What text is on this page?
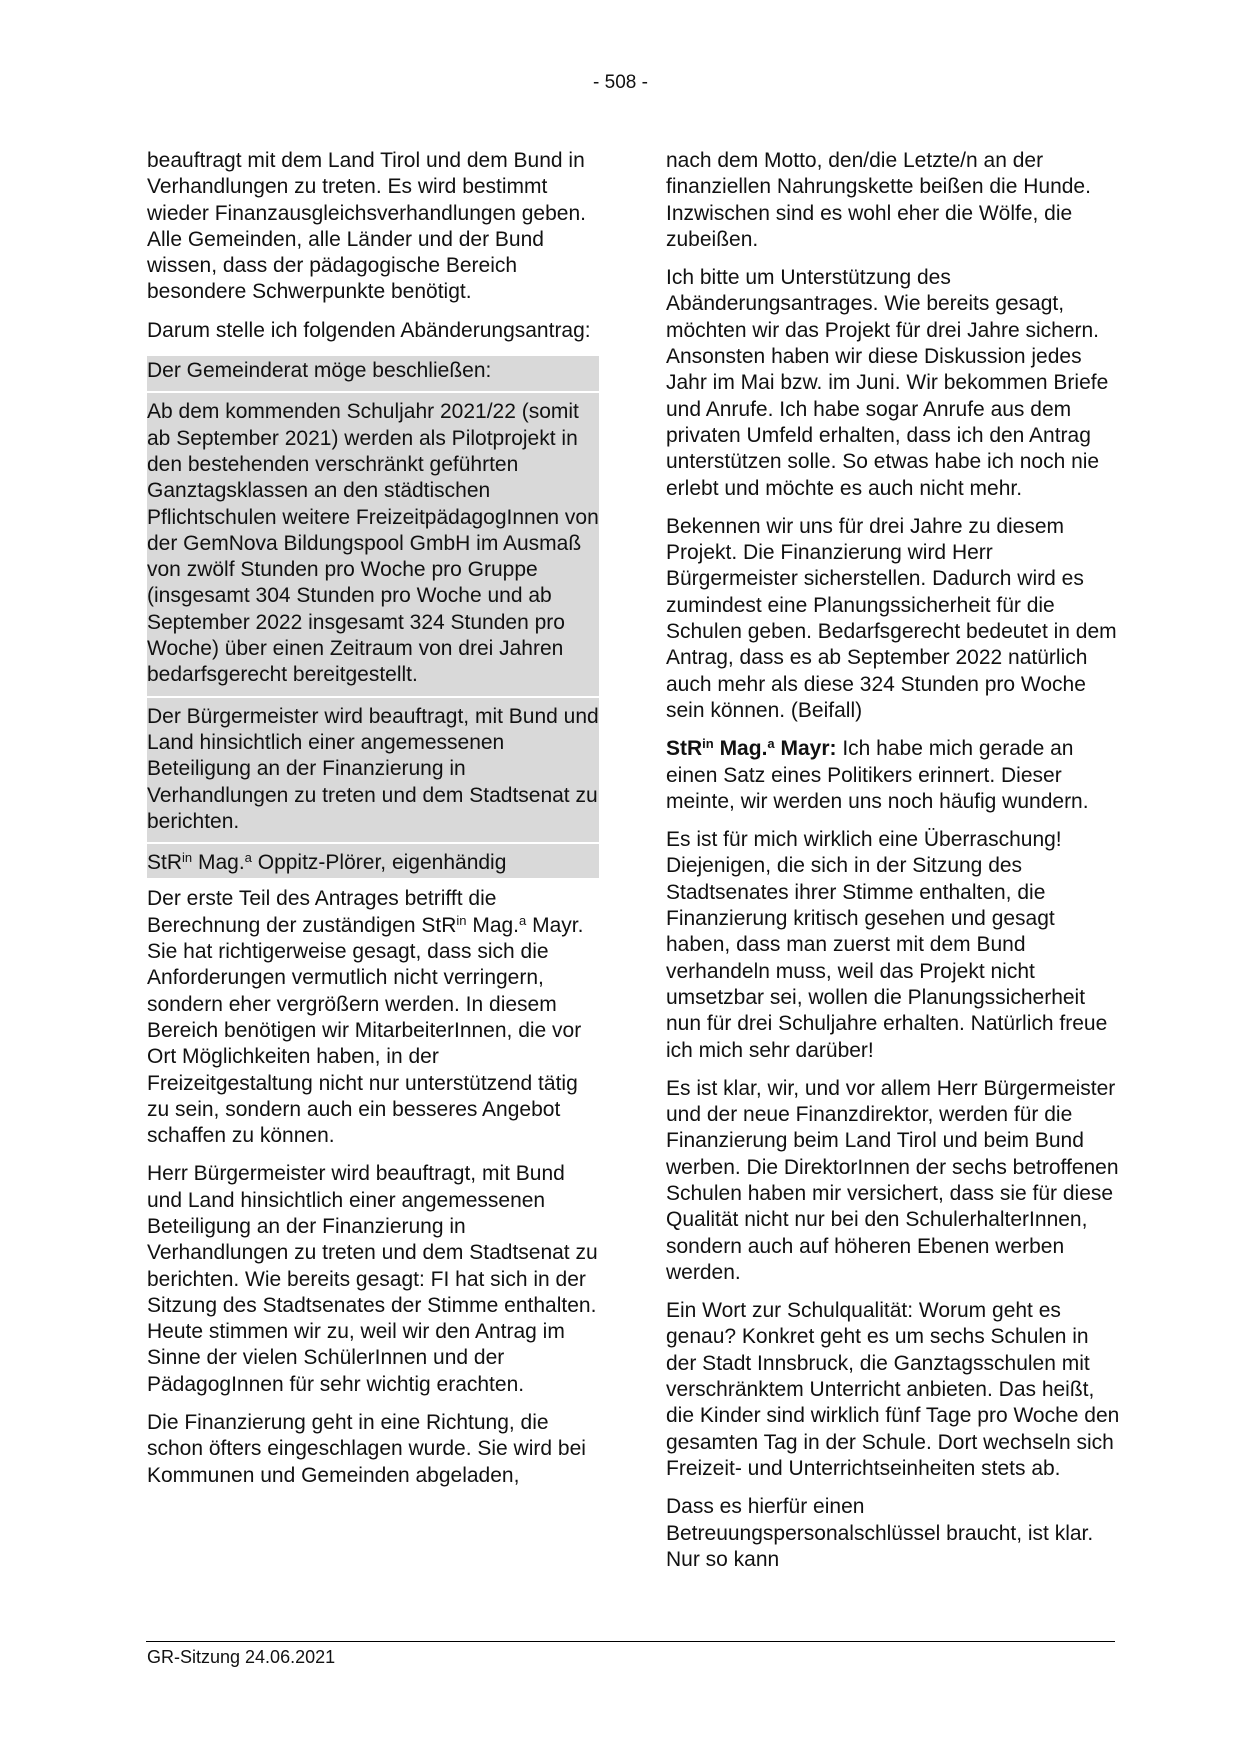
- 508 -

beauftragt mit dem Land Tirol und dem Bund in Verhandlungen zu treten. Es wird bestimmt wieder Finanzausgleichsverhandlungen geben. Alle Gemeinden, alle Länder und der Bund wissen, dass der pädagogische Bereich besondere Schwerpunkte benötigt.

Darum stelle ich folgenden Abänderungsantrag:

Der Gemeinderat möge beschließen:

Ab dem kommenden Schuljahr 2021/22 (somit ab September 2021) werden als Pilotprojekt in den bestehenden verschränkt geführten Ganztagsklassen an den städtischen Pflichtschulen weitere FreizeitpädagogInnen von der GemNova Bildungspool GmbH im Ausmaß von zwölf Stunden pro Woche pro Gruppe (insgesamt 304 Stunden pro Woche und ab September 2022 insgesamt 324 Stunden pro Woche) über einen Zeitraum von drei Jahren bedarfsgerecht bereitgestellt.

Der Bürgermeister wird beauftragt, mit Bund und Land hinsichtlich einer angemessenen Beteiligung an der Finanzierung in Verhandlungen zu treten und dem Stadtsenat zu berichten.

StR$^{in}$ Mag.$^a$ Oppitz-Plörer, eigenhändig

Der erste Teil des Antrages betrifft die Berechnung der zuständigen StR$^{in}$ Mag.$^a$ Mayr. Sie hat richtigerweise gesagt, dass sich die Anforderungen vermutlich nicht verringern, sondern eher vergrößern werden. In diesem Bereich benötigen wir MitarbeiterInnen, die vor Ort Möglichkeiten haben, in der Freizeitgestaltung nicht nur unterstützend tätig zu sein, sondern auch ein besseres Angebot schaffen zu können.

Herr Bürgermeister wird beauftragt, mit Bund und Land hinsichtlich einer angemessenen Beteiligung an der Finanzierung in Verhandlungen zu treten und dem Stadtsenat zu berichten. Wie bereits gesagt: FI hat sich in der Sitzung des Stadtsenates der Stimme enthalten. Heute stimmen wir zu, weil wir den Antrag im Sinne der vielen SchülerInnen und der PädagogInnen für sehr wichtig erachten.

Die Finanzierung geht in eine Richtung, die schon öfters eingeschlagen wurde. Sie wird bei Kommunen und Gemeinden abgeladen,

nach dem Motto, den/die Letzte/n an der finanziellen Nahrungskette beißen die Hunde. Inzwischen sind es wohl eher die Wölfe, die zubeißen.

Ich bitte um Unterstützung des Abänderungsantrages. Wie bereits gesagt, möchten wir das Projekt für drei Jahre sichern. Ansonsten haben wir diese Diskussion jedes Jahr im Mai bzw. im Juni. Wir bekommen Briefe und Anrufe. Ich habe sogar Anrufe aus dem privaten Umfeld erhalten, dass ich den Antrag unterstützen solle. So etwas habe ich noch nie erlebt und möchte es auch nicht mehr.

Bekennen wir uns für drei Jahre zu diesem Projekt. Die Finanzierung wird Herr Bürgermeister sicherstellen. Dadurch wird es zumindest eine Planungssicherheit für die Schulen geben. Bedarfsgerecht bedeutet in dem Antrag, dass es ab September 2022 natürlich auch mehr als diese 324 Stunden pro Woche sein können. (Beifall)

StR$^{in}$ Mag.$^a$ Mayr: Ich habe mich gerade an einen Satz eines Politikers erinnert. Dieser meinte, wir werden uns noch häufig wundern.

Es ist für mich wirklich eine Überraschung! Diejenigen, die sich in der Sitzung des Stadtsenates ihrer Stimme enthalten, die Finanzierung kritisch gesehen und gesagt haben, dass man zuerst mit dem Bund verhandeln muss, weil das Projekt nicht umsetzbar sei, wollen die Planungssicherheit nun für drei Schuljahre erhalten. Natürlich freue ich mich sehr darüber!

Es ist klar, wir, und vor allem Herr Bürgermeister und der neue Finanzdirektor, werden für die Finanzierung beim Land Tirol und beim Bund werben. Die DirektorInnen der sechs betroffenen Schulen haben mir versichert, dass sie für diese Qualität nicht nur bei den SchulerhalterInnen, sondern auch auf höheren Ebenen werben werden.

Ein Wort zur Schulqualität: Worum geht es genau? Konkret geht es um sechs Schulen in der Stadt Innsbruck, die Ganztagsschulen mit verschränktem Unterricht anbieten. Das heißt, die Kinder sind wirklich fünf Tage pro Woche den gesamten Tag in der Schule. Dort wechseln sich Freizeit- und Unterrichtseinheiten stets ab.

Dass es hierfür einen Betreuungspersonalschlüssel braucht, ist klar. Nur so kann

GR-Sitzung 24.06.2021
